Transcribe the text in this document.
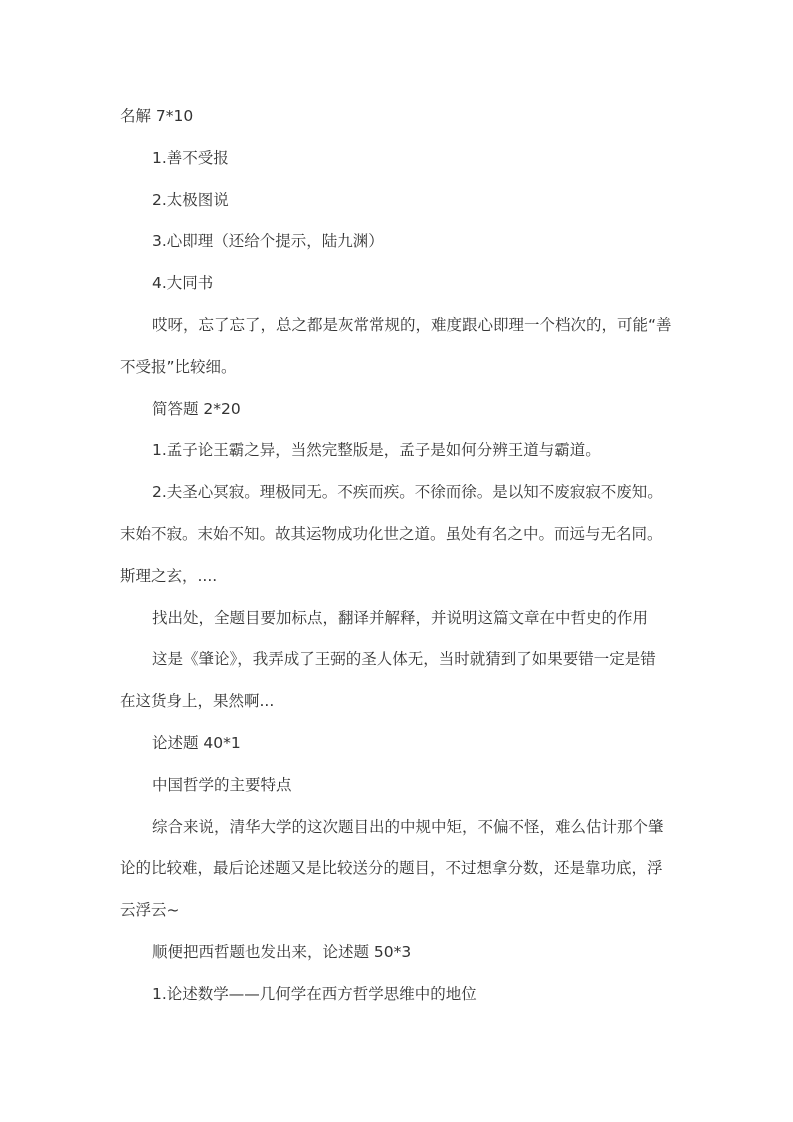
名解 7*10

1.善不受报

2.太极图说

3.心即理（还给个提示，陆九渊）

4.大同书

哎呀，忘了忘了，总之都是灰常常规的，难度跟心即理一个档次的，可能“善
不受报”比较细。

简答题 2*20

1.孟子论王霸之异，当然完整版是，孟子是如何分辨王道与霸道。

2.夫圣心冥寂。理极同无。不疾而疾。不徐而徐。是以知不废寂寂不废知。
末始不寂。末始不知。故其运物成功化世之道。虽处有名之中。而远与无名同。
斯理之玄，....

找出处，全题目要加标点，翻译并解释，并说明这篇文章在中哲史的作用

这是《肇论》，我弄成了王弼的圣人体无，当时就猜到了如果要错一定是错
在这货身上，果然啊...

论述题 40*1

中国哲学的主要特点

综合来说，清华大学的这次题目出的中规中矩，不偏不怪，难么估计那个肇
论的比较难，最后论述题又是比较送分的题目，不过想拿分数，还是靠功底，浮
云浮云~

顺便把西哲题也发出来，论述题 50*3

1.论述数学——几何学在西方哲学思维中的地位
